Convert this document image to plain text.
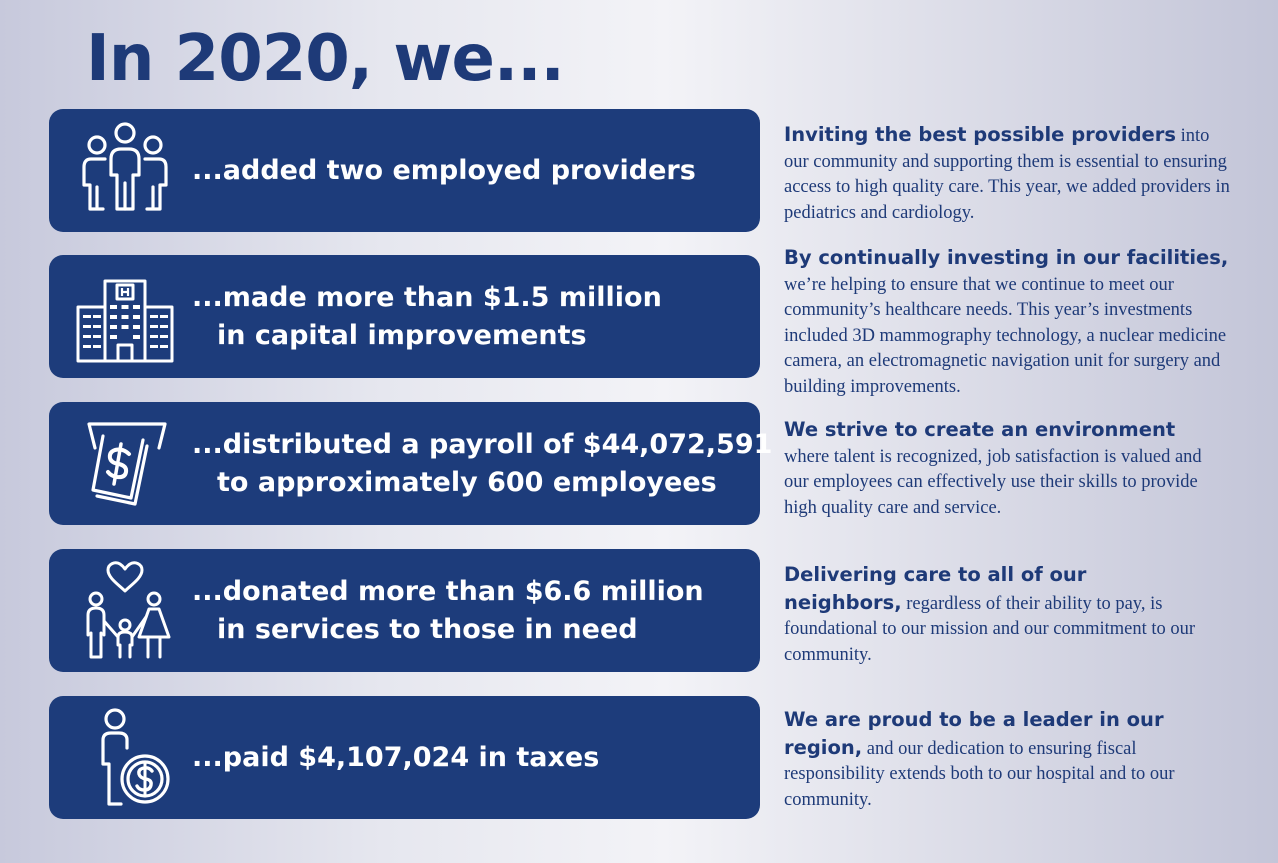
In 2020, we...
...added two employed providers
...made more than $1.5 million
in capital improvements
...distributed a payroll of $44,072,591
to approximately 600 employees
...donated more than $6.6 million
in services to those in need
...paid $4,107,024 in taxes

Inviting the best possible providers into our community and supporting them is essential to ensuring access to high quality care. This year, we added providers in pediatrics and cardiology.

By continually investing in our facilities, we’re helping to ensure that we continue to meet our community’s healthcare needs. This year’s investments included 3D mammography technology, a nuclear medicine camera, an electromagnetic navigation unit for surgery and building improvements.

We strive to create an environment where talent is recognized, job satisfaction is valued and our employees can effectively use their skills to provide high quality care and service.

Delivering care to all of our neighbors, regardless of their ability to pay, is foundational to our mission and our commitment to our community.

We are proud to be a leader in our region, and our dedication to ensuring fiscal responsibility extends both to our hospital and to our community.
